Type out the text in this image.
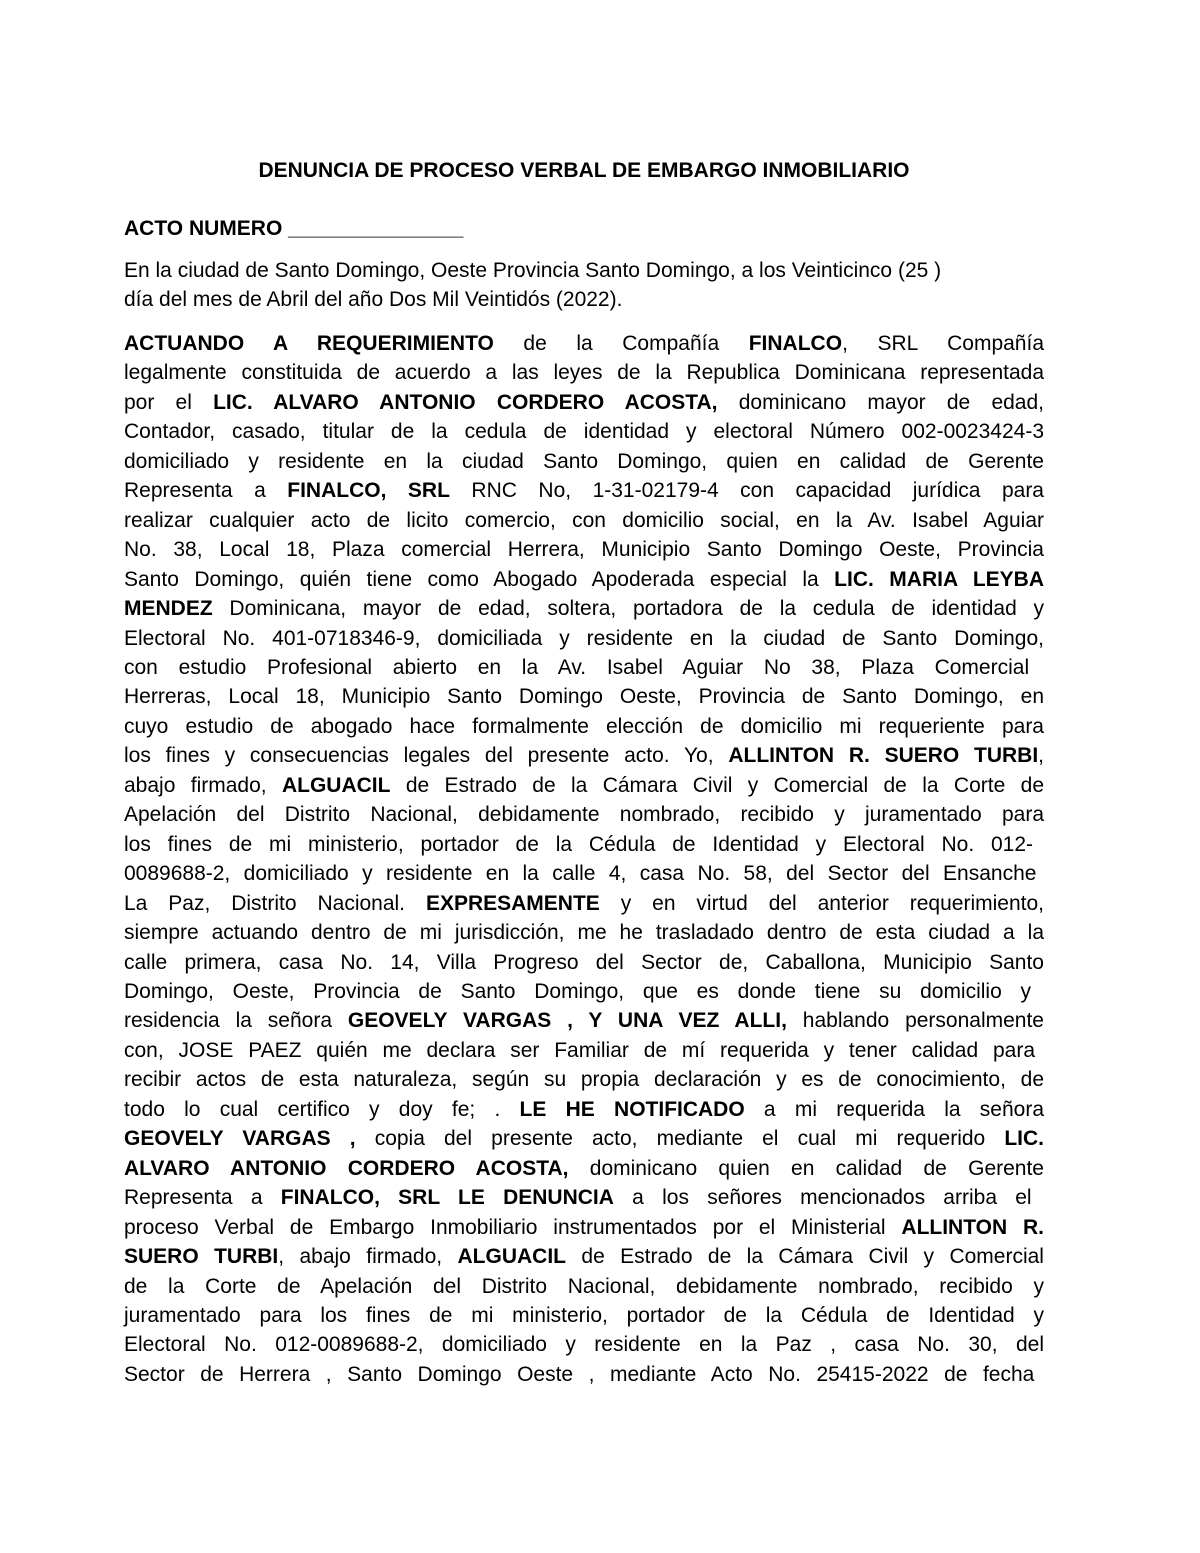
DENUNCIA DE PROCESO VERBAL DE EMBARGO INMOBILIARIO
ACTO NUMERO _______________
En la ciudad de Santo Domingo, Oeste Provincia Santo Domingo, a los Veinticinco (25 )
día del mes de Abril del año Dos Mil Veintidós (2022).
ACTUANDO A REQUERIMIENTO de la Compañía FINALCO, SRL Compañía
legalmente constituida de acuerdo a las leyes de la Republica Dominicana representada
por el LIC. ALVARO ANTONIO CORDERO ACOSTA, dominicano mayor de edad,
Contador, casado, titular de la cedula de identidad y electoral Número 002-0023424-3
domiciliado y residente en la ciudad Santo Domingo, quien en calidad de Gerente
Representa a FINALCO, SRL RNC No, 1-31-02179-4 con capacidad jurídica para
realizar cualquier acto de licito comercio, con domicilio social, en la Av. Isabel Aguiar
No. 38, Local 18, Plaza comercial Herrera, Municipio Santo Domingo Oeste, Provincia
Santo Domingo, quién tiene como Abogado Apoderada especial la LIC. MARIA LEYBA
MENDEZ Dominicana, mayor de edad, soltera, portadora de la cedula de identidad y
Electoral No. 401-0718346-9, domiciliada y residente en la ciudad de Santo Domingo,
con estudio Profesional abierto en la Av. Isabel Aguiar No 38, Plaza Comercial
Herreras, Local 18, Municipio Santo Domingo Oeste, Provincia de Santo Domingo, en
cuyo estudio de abogado hace formalmente elección de domicilio mi requeriente para
los fines y consecuencias legales del presente acto. Yo, ALLINTON R. SUERO TURBI,
abajo firmado, ALGUACIL de Estrado de la Cámara Civil y Comercial de la Corte de
Apelación del Distrito Nacional, debidamente nombrado, recibido y juramentado para
los fines de mi ministerio, portador de la Cédula de Identidad y Electoral No. 012-
0089688-2, domiciliado y residente en la calle 4, casa No. 58, del Sector del Ensanche
La Paz, Distrito Nacional. EXPRESAMENTE y en virtud del anterior requerimiento,
siempre actuando dentro de mi jurisdicción, me he trasladado dentro de esta ciudad a la
calle primera, casa No. 14, Villa Progreso del Sector de, Caballona, Municipio Santo
Domingo, Oeste, Provincia de Santo Domingo, que es donde tiene su domicilio y
residencia la señora GEOVELY VARGAS , Y UNA VEZ ALLI, hablando personalmente
con, JOSE PAEZ quién me declara ser Familiar de mí requerida y tener calidad para
recibir actos de esta naturaleza, según su propia declaración y es de conocimiento, de
todo lo cual certifico y doy fe; . LE HE NOTIFICADO a mi requerida la señora
GEOVELY VARGAS , copia del presente acto, mediante el cual mi requerido LIC.
ALVARO ANTONIO CORDERO ACOSTA, dominicano quien en calidad de Gerente
Representa a FINALCO, SRL LE DENUNCIA a los señores mencionados arriba el
proceso Verbal de Embargo Inmobiliario instrumentados por el Ministerial ALLINTON R.
SUERO TURBI, abajo firmado, ALGUACIL de Estrado de la Cámara Civil y Comercial
de la Corte de Apelación del Distrito Nacional, debidamente nombrado, recibido y
juramentado para los fines de mi ministerio, portador de la Cédula de Identidad y
Electoral No. 012-0089688-2, domiciliado y residente en la Paz , casa No. 30, del
Sector de Herrera , Santo Domingo Oeste , mediante Acto No. 25415-2022 de fecha
